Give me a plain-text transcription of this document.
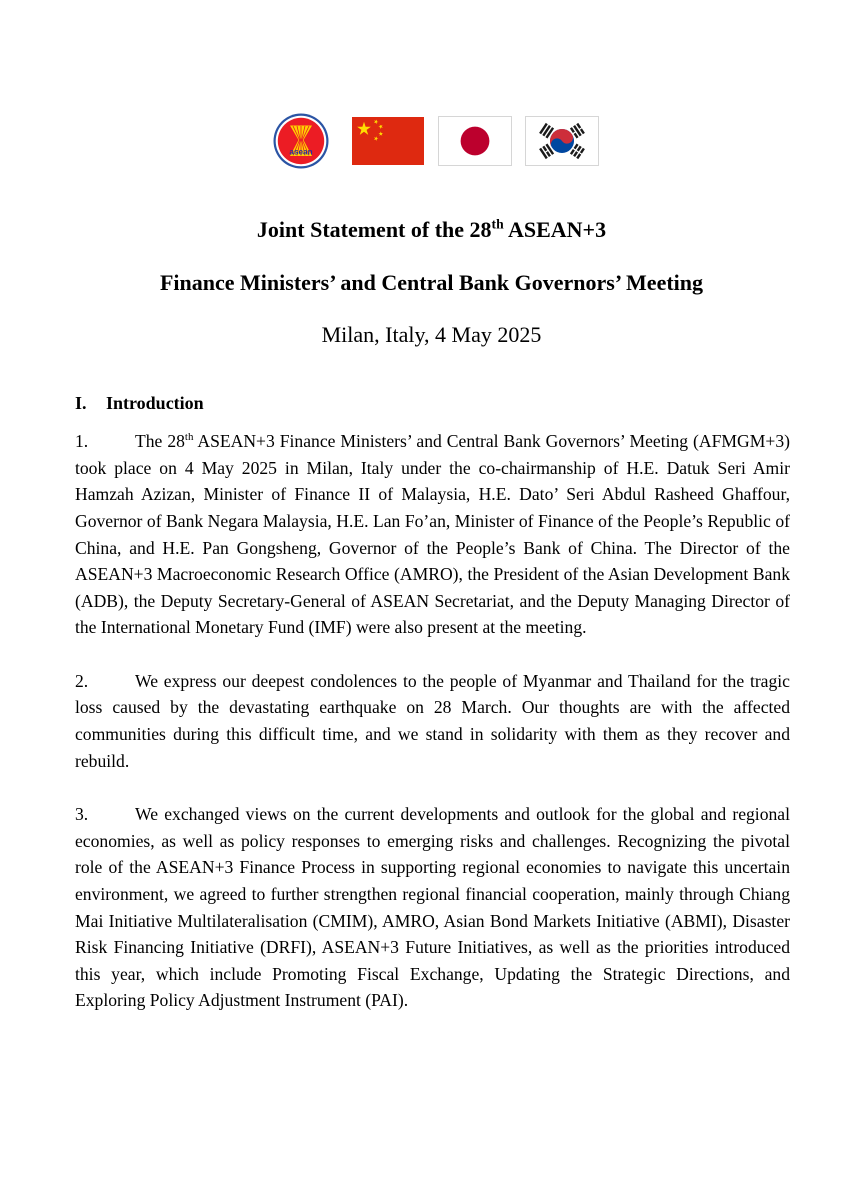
asean
Joint Statement of the 28th ASEAN+3
Finance Ministers’ and Central Bank Governors’ Meeting
Milan, Italy, 4 May 2025
I. Introduction

1.	The 28th ASEAN+3 Finance Ministers’ and Central Bank Governors’ Meeting (AFMGM+3) took place on 4 May 2025 in Milan, Italy under the co-chairmanship of H.E. Datuk Seri Amir Hamzah Azizan, Minister of Finance II of Malaysia, H.E. Dato’ Seri Abdul Rasheed Ghaffour, Governor of Bank Negara Malaysia, H.E. Lan Fo’an, Minister of Finance of the People’s Republic of China, and H.E. Pan Gongsheng, Governor of the People’s Bank of China. The Director of the ASEAN+3 Macroeconomic Research Office (AMRO), the President of the Asian Development Bank (ADB), the Deputy Secretary-General of ASEAN Secretariat, and the Deputy Managing Director of the International Monetary Fund (IMF) were also present at the meeting.

2.	We express our deepest condolences to the people of Myanmar and Thailand for the tragic loss caused by the devastating earthquake on 28 March. Our thoughts are with the affected communities during this difficult time, and we stand in solidarity with them as they recover and rebuild.

3.	We exchanged views on the current developments and outlook for the global and regional economies, as well as policy responses to emerging risks and challenges. Recognizing the pivotal role of the ASEAN+3 Finance Process in supporting regional economies to navigate this uncertain environment, we agreed to further strengthen regional financial cooperation, mainly through Chiang Mai Initiative Multilateralisation (CMIM), AMRO, Asian Bond Markets Initiative (ABMI), Disaster Risk Financing Initiative (DRFI), ASEAN+3 Future Initiatives, as well as the priorities introduced this year, which include Promoting Fiscal Exchange, Updating the Strategic Directions, and Exploring Policy Adjustment Instrument (PAI).
